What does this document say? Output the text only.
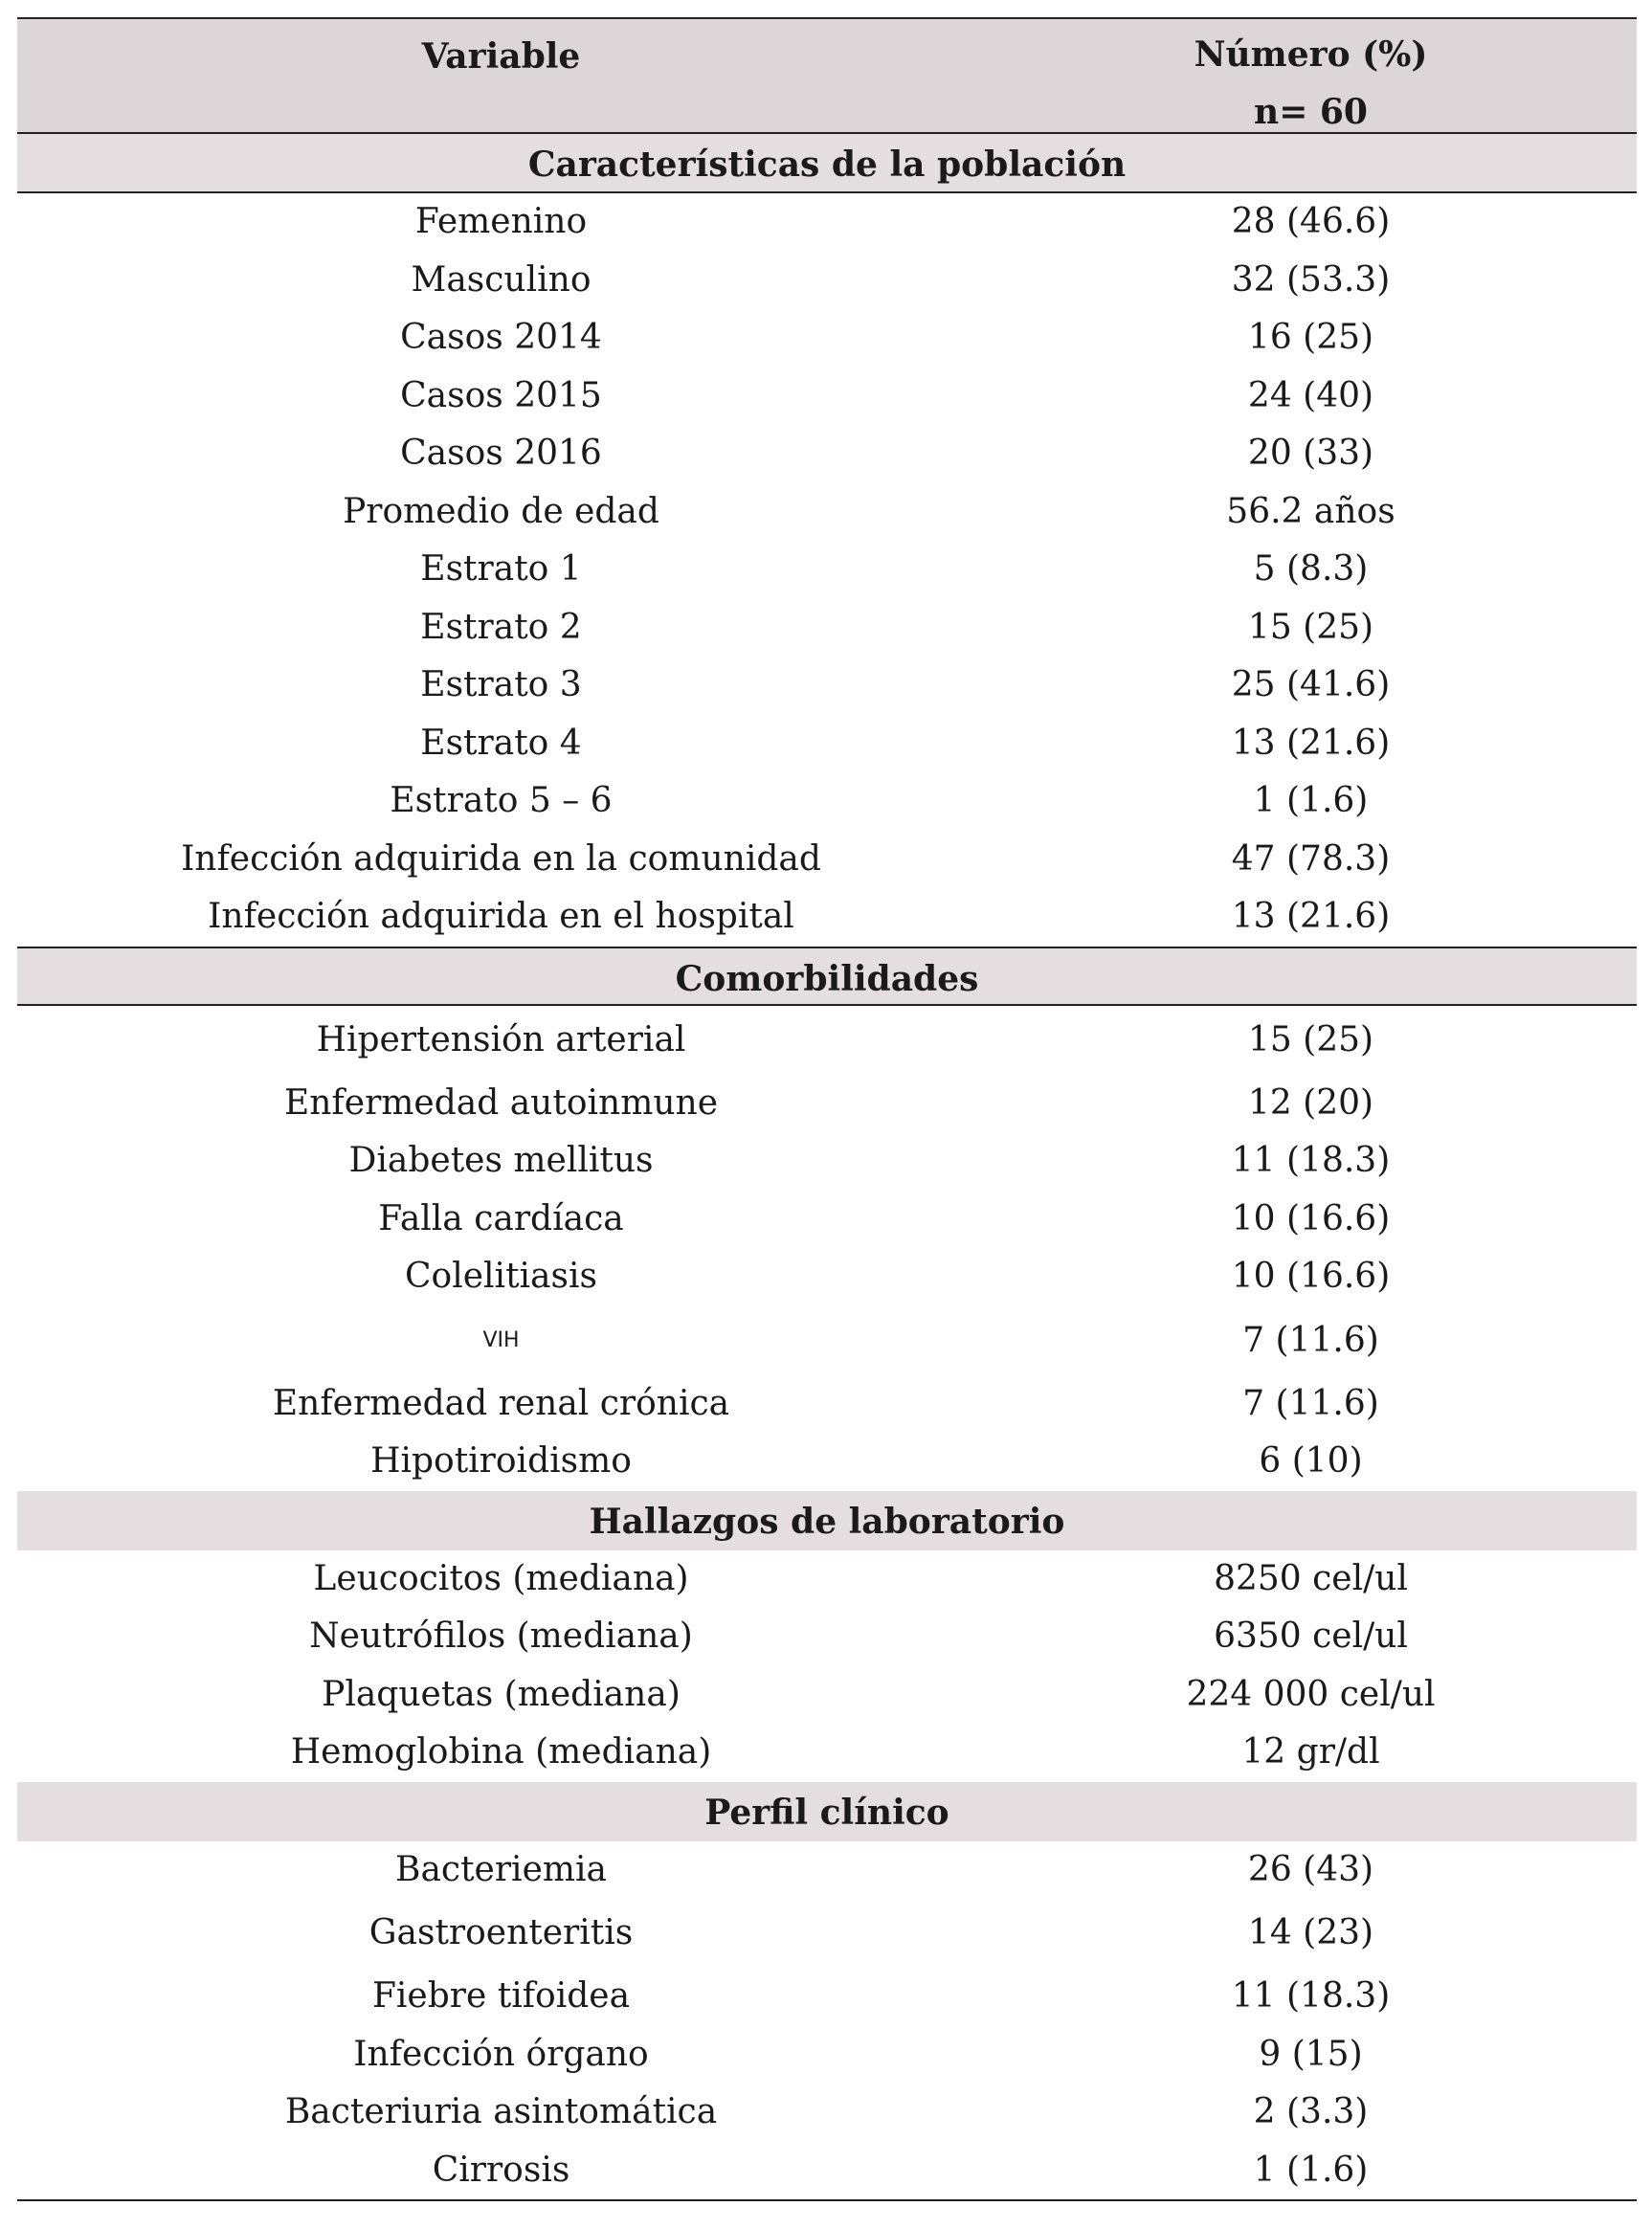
Variable	Número (%)
n= 60
Características de la población
Femenino	28 (46.6)
Masculino	32 (53.3)
Casos 2014	16 (25)
Casos 2015	24 (40)
Casos 2016	20 (33)
Promedio de edad	56.2 años
Estrato 1	5 (8.3)
Estrato 2	15 (25)
Estrato 3	25 (41.6)
Estrato 4	13 (21.6)
Estrato 5 – 6	1 (1.6)
Infección adquirida en la comunidad	47 (78.3)
Infección adquirida en el hospital	13 (21.6)
Comorbilidades
Hipertensión arterial	15 (25)
Enfermedad autoinmune	12 (20)
Diabetes mellitus	11 (18.3)
Falla cardíaca	10 (16.6)
Colelitiasis	10 (16.6)
VIH	7 (11.6)
Enfermedad renal crónica	7 (11.6)
Hipotiroidismo	6 (10)
Hallazgos de laboratorio
Leucocitos (mediana)	8250 cel/ul
Neutrófilos (mediana)	6350 cel/ul
Plaquetas (mediana)	224 000 cel/ul
Hemoglobina (mediana)	12 gr/dl
Perfil clínico
Bacteriemia	26 (43)
Gastroenteritis	14 (23)
Fiebre tifoidea	11 (18.3)
Infección órgano	9 (15)
Bacteriuria asintomática	2 (3.3)
Cirrosis	1 (1.6)
